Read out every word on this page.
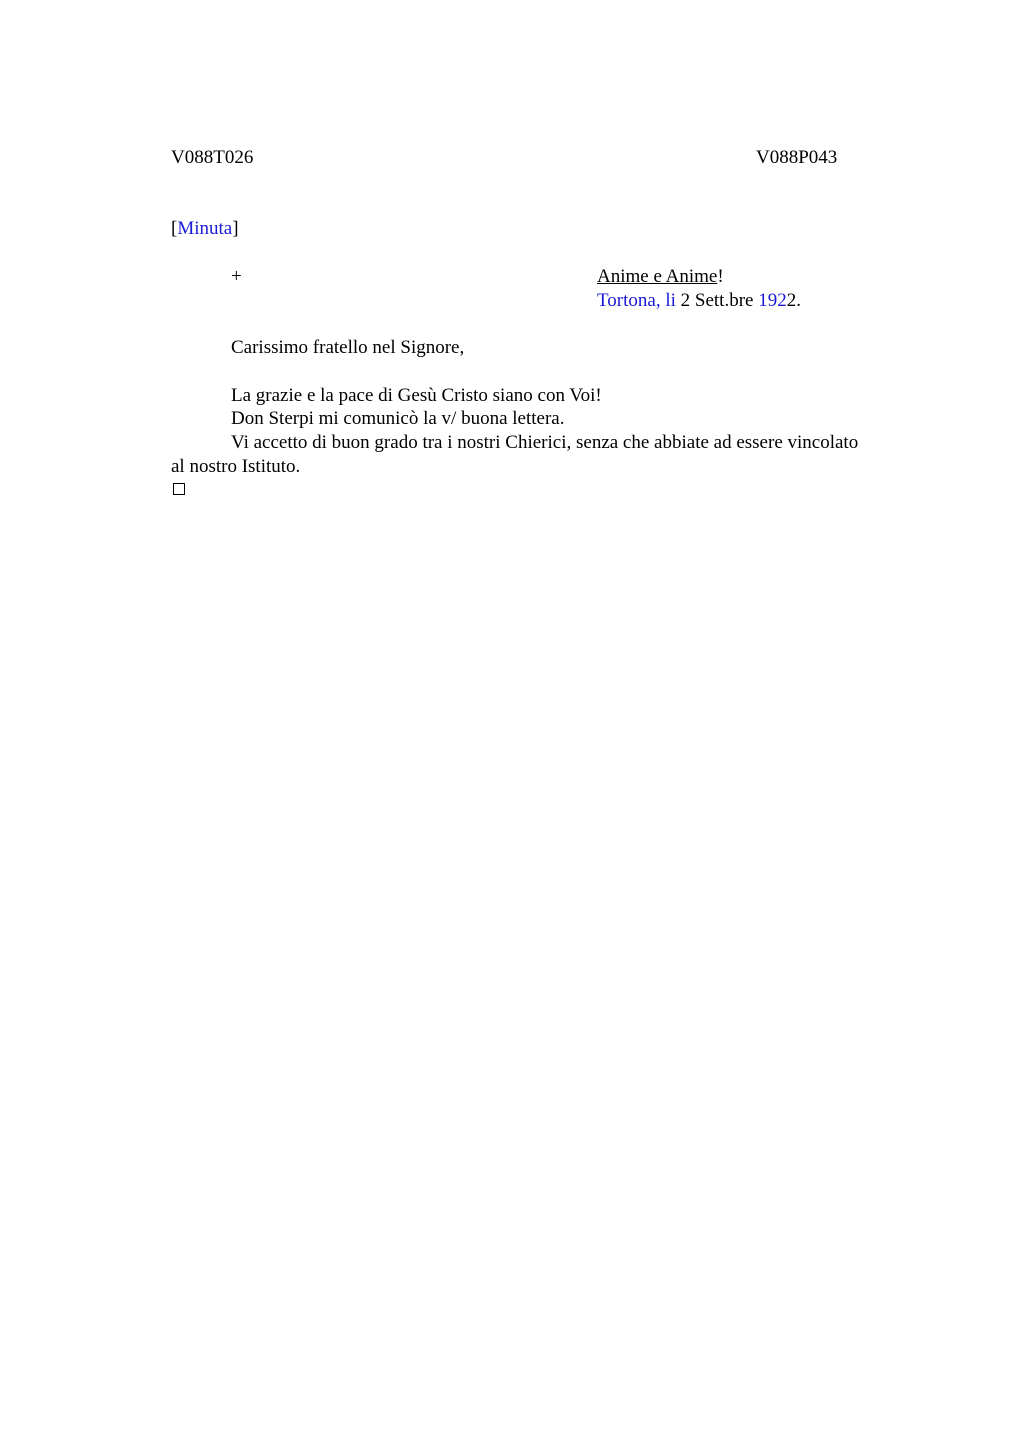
V088T026	V088P043
[Minuta]
+	Anime e Anime!
Tortona, li 2 Sett.bre 1922.
Carissimo fratello nel Signore,
La grazie e la pace di Gesù Cristo siano con Voi!
Don Sterpi mi comunicò la v/ buona lettera.
Vi accetto di buon grado tra i nostri Chierici, senza che abbiate ad essere vincolato
al nostro Istituto.
